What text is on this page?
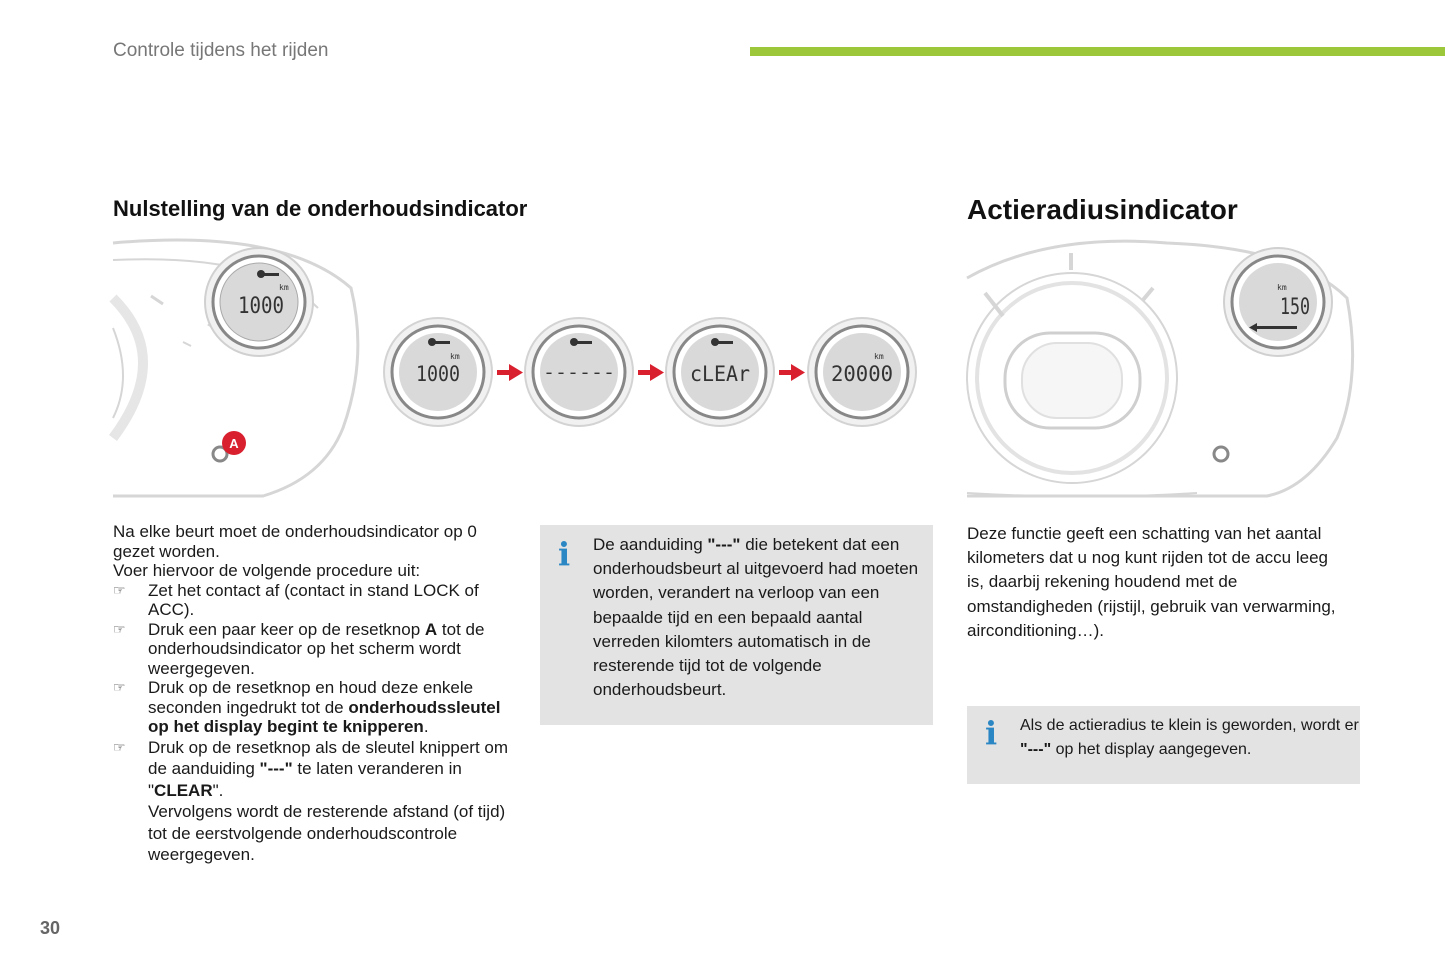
Controle tijdens het rijden
Nulstelling van de onderhoudsindicator	Actieradiusindicator
km
1000
A
km
1000	------	cLEAr
km
20000
km
150

Na elke beurt moet de onderhoudsindicator op 0 gezet worden.

Voer hiervoor de volgende procedure uit:

☞ Zet het contact af (contact in stand LOCK of ACC).
☞ Druk een paar keer op de resetknop A tot de onderhoudsindicator op het scherm wordt weergegeven.
☞ Druk op de resetknop en houd deze enkele seconden ingedrukt tot de onderhoudssleutel op het display begint te knipperen.
☞ Druk op de resetknop als de sleutel knippert om de aanduiding "---" te laten veranderen in "CLEAR".
Vervolgens wordt de resterende afstand (of tijd) tot de eerstvolgende onderhoudscontrole weergegeven.
i De aanduiding "---" die betekent dat een onderhoudsbeurt al uitgevoerd had moeten worden, verandert na verloop van een bepaalde tijd en een bepaald aantal verreden kilomters automatisch in de resterende tijd tot de volgende onderhoudsbeurt.
Deze functie geeft een schatting van het aantal kilometers dat u nog kunt rijden tot de accu leeg is, daarbij rekening houdend met de omstandigheden (rijstijl, gebruik van verwarming, airconditioning…).
i Als de actieradius te klein is geworden, wordt er "---" op het display aangegeven.
30
